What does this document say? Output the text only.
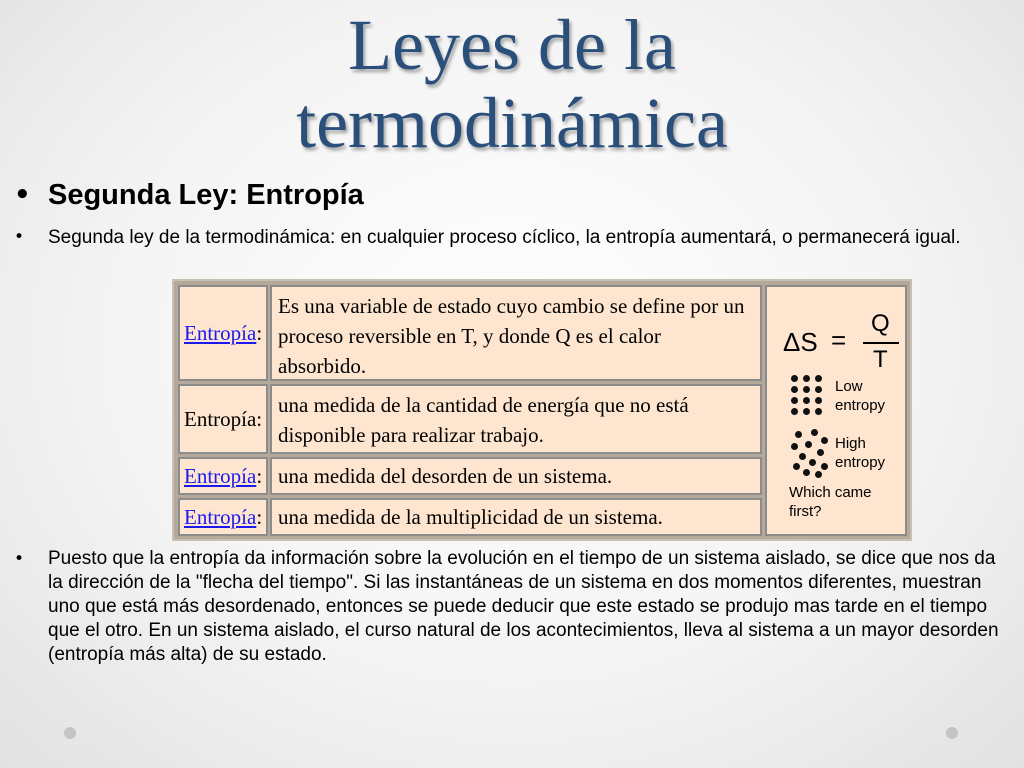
Leyes de la
termodinámica
• Segunda Ley: Entropía
• Segunda ley de la termodinámica: en cualquier proceso cíclico, la entropía aumentará, o permanecerá igual.
Entropía :
Es una variable de estado cuyo cambio se define por un proceso reversible en T, y donde Q es el calor absorbido.
Entropía:
una medida de la cantidad de energía que no está disponible para realizar trabajo.
Entropía : una medida del desorden de un sistema.
Entropía : una medida de la multiplicidad de un sistema.
ΔS =
Q
T
Low
entropy
High
entropy
Which came
first?
• Puesto que la entropía da información sobre la evolución en el tiempo de un sistema aislado, se dice que nos da la dirección de la "flecha del tiempo". Si las instantáneas de un sistema en dos momentos diferentes, muestran uno que está más desordenado, entonces se puede deducir que este estado se produjo mas tarde en el tiempo que el otro. En un sistema aislado, el curso natural de los acontecimientos, lleva al sistema a un mayor desorden (entropía más alta) de su estado.
